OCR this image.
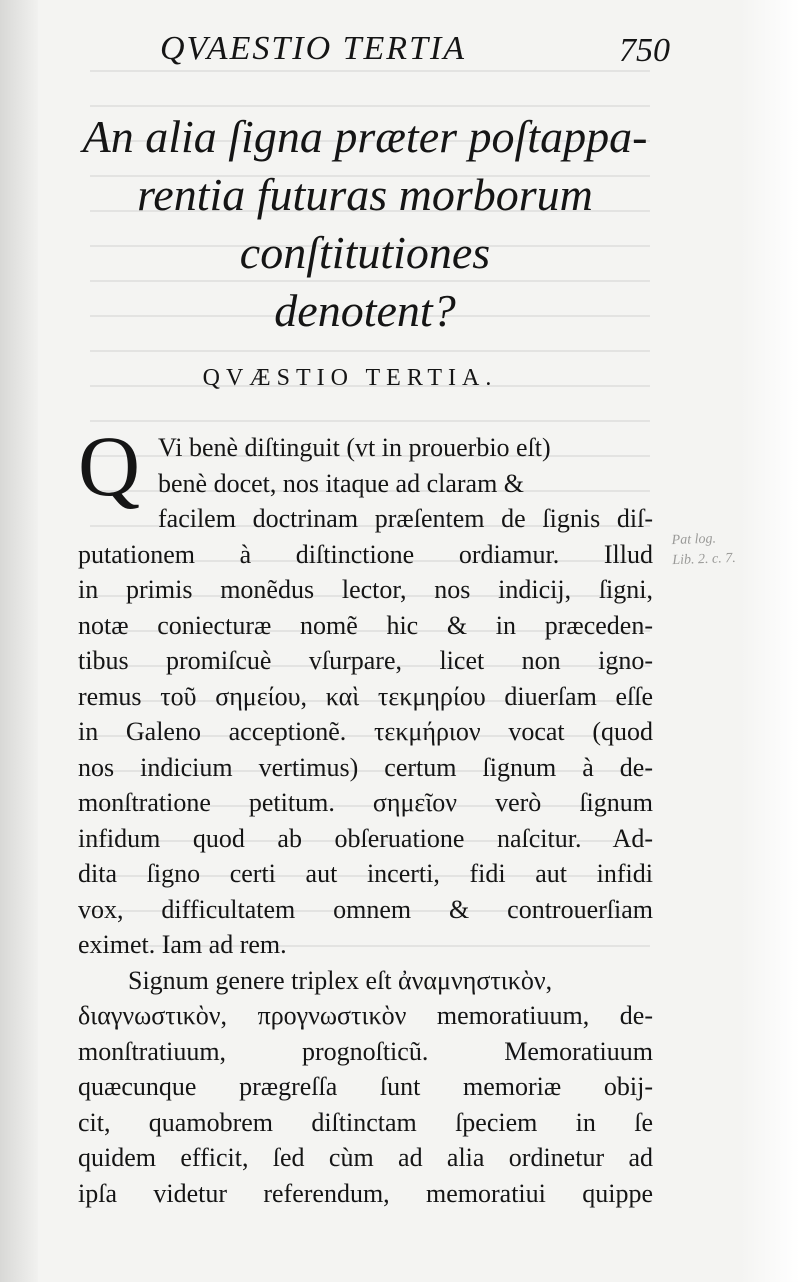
QVAESTIO TERTIA	750
An alia ſigna præter poſtappa-
rentia futuras morborum
conſtitutiones
denotent?
QVÆSTIO TERTIA.
Q Vi benè diſtinguit (vt in prouerbio eſt)
benè docet, nos itaque ad claram &
facilem doctrinam præſentem de ſignis diſ-
putationem à diſtinctione ordiamur. Illud
in primis monẽdus lector, nos indicij, ſigni,
notæ coniecturæ nomẽ hic & in præceden-
tibus promiſcuè vſurpare, licet non igno-
remus τοῦ σημείου, καὶ τεκμηρίου diuerſam eſſe
in Galeno acceptionẽ. τεκμήριον vocat (quod
nos indicium vertimus) certum ſignum à de-
monſtratione petitum. σημεῖον verò ſignum
infidum quod ab obſeruatione naſcitur. Ad-
dita ſigno certi aut incerti, fidi aut infidi
vox, difficultatem omnem & controuerſiam
eximet. Iam ad rem.
Signum genere triplex eſt ἀναμνηστικὸν,
διαγνωστικὸν, προγνωστικὸν memoratiuum, de-
monſtratiuum, prognoſticũ. Memoratiuum
quæcunque prægreſſa ſunt memoriæ obij-
cit, quamobrem diſtinctam ſpeciem in ſe
quidem efficit, ſed cùm ad alia ordinetur ad
ipſa videtur referendum, memoratiui quippe
Pat log.
Lib. 2. c. 7.
